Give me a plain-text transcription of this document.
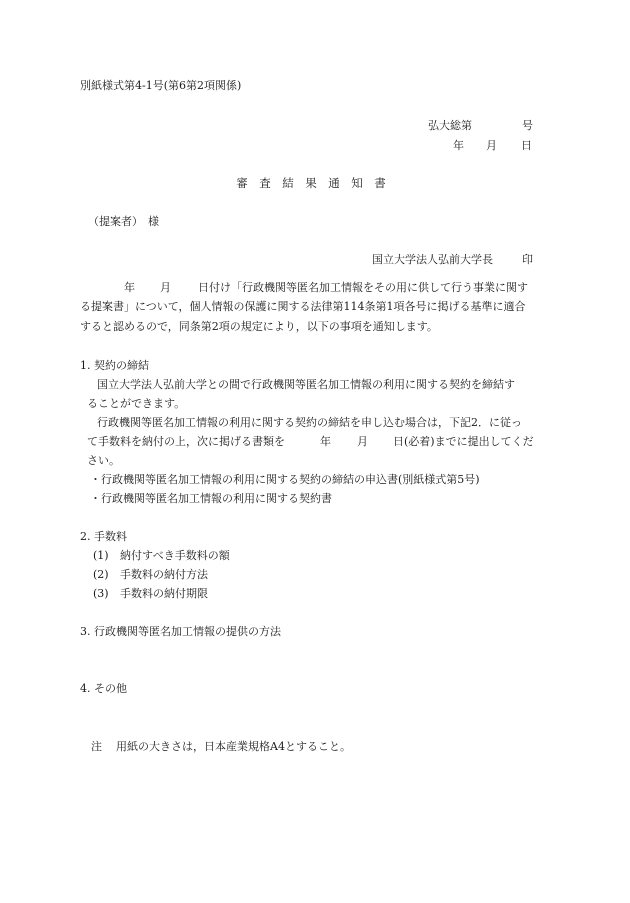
別紙様式第4-1号(第6第2項関係)
弘大総第	号
年 月 日
審 査 結 果 通 知 書
（提案者） 様
国立大学法人弘前大学長	印
年 月 日付け「行政機関等匿名加工情報をその用に供して行う事業に関す
る提案書」について，個人情報の保護に関する法律第114条第1項各号に掲げる基準に適合
すると認めるので，同条第2項の規定により，以下の事項を通知します。
1. 契約の締結
国立大学法人弘前大学との間で行政機関等匿名加工情報の利用に関する契約を締結す
ることができます。
行政機関等匿名加工情報の利用に関する契約の締結を申し込む場合は，下記2．に従っ
て手数料を納付の上，次に掲げる書類を	年 月 日(必着)までに提出してくだ
さい。
・行政機関等匿名加工情報の利用に関する契約の締結の申込書(別紙様式第5号)
・行政機関等匿名加工情報の利用に関する契約書
2. 手数料
(1) 納付すべき手数料の額
(2) 手数料の納付方法
(3) 手数料の納付期限
3. 行政機関等匿名加工情報の提供の方法
4. その他
注 用紙の大きさは，日本産業規格A4とすること。
